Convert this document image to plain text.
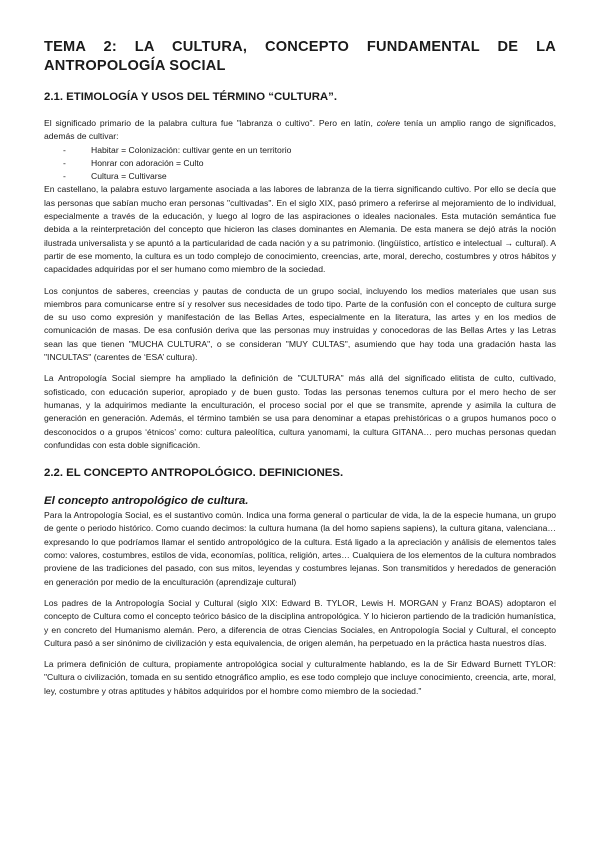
TEMA 2: LA CULTURA, CONCEPTO FUNDAMENTAL DE LA ANTROPOLOGÍA SOCIAL
2.1. ETIMOLOGÍA Y USOS DEL TÉRMINO “CULTURA”.

El significado primario de la palabra cultura fue "labranza o cultivo". Pero en latín, colere tenía un amplio rango de significados, además de cultivar:

- Habitar = Colonización: cultivar gente en un territorio
- Honrar con adoración = Culto
- Cultura = Cultivarse

En castellano, la palabra estuvo largamente asociada a las labores de labranza de la tierra significando cultivo. Por ello se decía que las personas que sabían mucho eran personas "cultivadas". En el siglo XIX, pasó primero a referirse al mejoramiento de lo individual, especialmente a través de la educación, y luego al logro de las aspiraciones o ideales nacionales. Esta mutación semántica fue debida a la reinterpretación del concepto que hicieron las clases dominantes en Alemania. De esta manera se dejó atrás la noción ilustrada universalista y se apuntó a la particularidad de cada nación y a su patrimonio. (lingüístico, artístico e intelectual → cultural). A partir de ese momento, la cultura es un todo complejo de conocimiento, creencias, arte, moral, derecho, costumbres y otros hábitos y capacidades adquiridas por el ser humano como miembro de la sociedad.

Los conjuntos de saberes, creencias y pautas de conducta de un grupo social, incluyendo los medios materiales que usan sus miembros para comunicarse entre sí y resolver sus necesidades de todo tipo. Parte de la confusión con el concepto de cultura surge de su uso como expresión y manifestación de las Bellas Artes, especialmente en la literatura, las artes y en los medios de comunicación de masas. De esa confusión deriva que las personas muy instruidas y conocedoras de las Bellas Artes y las Letras sean las que tienen "MUCHA CULTURA", o se consideran "MUY CULTAS", asumiendo que hay toda una gradación hasta las "INCULTAS" (carentes de ‘ESA’ cultura).

La Antropología Social siempre ha ampliado la definición de "CULTURA" más allá del significado elitista de culto, cultivado, sofisticado, con educación superior, apropiado y de buen gusto. Todas las personas tenemos cultura por el mero hecho de ser humanas, y la adquirimos mediante la enculturación, el proceso social por el que se transmite, aprende y asimila la cultura de generación en generación. Además, el término también se usa para denominar a etapas prehistóricas o a grupos humanos poco o desconocidos o a grupos ‘étnicos’ como: cultura paleolítica, cultura yanomami, la cultura GITANA… pero muchas personas quedan confundidas con esta doble significación.

2.2. EL CONCEPTO ANTROPOLÓGICO. DEFINICIONES.
El concepto antropológico de cultura.

Para la Antropología Social, es el sustantivo común. Indica una forma general o particular de vida, la de la especie humana, un grupo de gente o periodo histórico. Como cuando decimos: la cultura humana (la del homo sapiens sapiens), la cultura gitana, valenciana… expresando lo que podríamos llamar el sentido antropológico de la cultura. Está ligado a la apreciación y análisis de elementos tales como: valores, costumbres, estilos de vida, economías, política, religión, artes… Cualquiera de los elementos de la cultura nombrados proviene de las tradiciones del pasado, con sus mitos, leyendas y costumbres lejanas. Son transmitidos y heredados de generación en generación por medio de la enculturación (aprendizaje cultural)

Los padres de la Antropología Social y Cultural (siglo XIX: Edward B. TYLOR, Lewis H. MORGAN y Franz BOAS) adoptaron el concepto de Cultura como el concepto teórico básico de la disciplina antropológica. Y lo hicieron partiendo de la tradición humanística, y en concreto del Humanismo alemán. Pero, a diferencia de otras Ciencias Sociales, en Antropología Social y Cultural, el concepto Cultura pasó a ser sinónimo de civilización y esta equivalencia, de origen alemán, ha perpetuado en la práctica hasta nuestros días.

La primera definición de cultura, propiamente antropológica social y culturalmente hablando, es la de Sir Edward Burnett TYLOR: "Cultura o civilización, tomada en su sentido etnográfico amplio, es ese todo complejo que incluye conocimiento, creencia, arte, moral, ley, costumbre y otras aptitudes y hábitos adquiridos por el hombre como miembro de la sociedad."
